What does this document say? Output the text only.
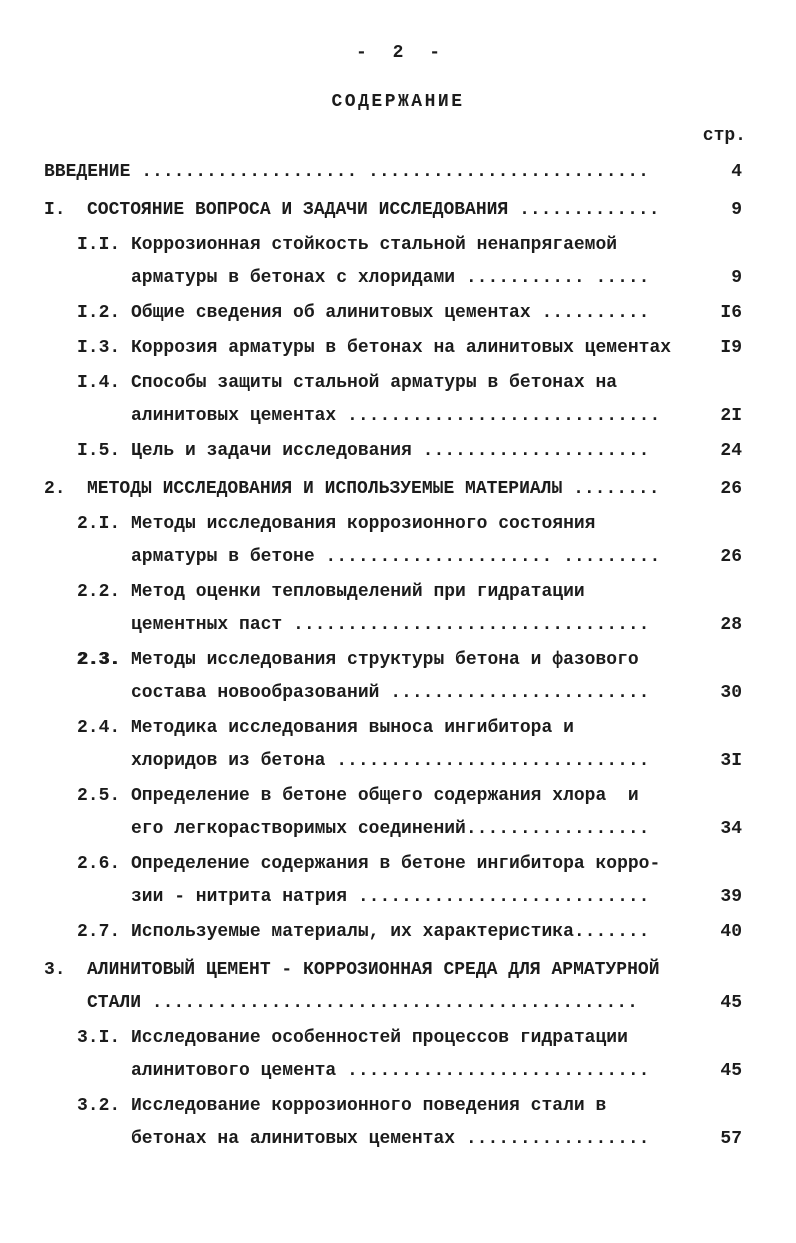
- 2 -
СОДЕРЖАНИЕ
стр.
ВВЕДЕНИЕ .................... ..........................	4
I. СОСТОЯНИЕ ВОПРОСА И ЗАДАЧИ ИССЛЕДОВАНИЯ .............	9
I.I. Коррозионная стойкость стальной ненапрягаемой
арматуры в бетонах с хлоридами ........... .....	9
I.2. Общие сведения об алинитовых цементах ..........	I6
I.3. Коррозия арматуры в бетонах на алинитовых цементах	I9
I.4. Способы защиты стальной арматуры в бетонах на
алинитовых цементах .............................	2I
I.5. Цель и задачи исследования .....................	24
2. МЕТОДЫ ИССЛЕДОВАНИЯ И ИСПОЛЬЗУЕМЫЕ МАТЕРИАЛЫ ........	26
2.I. Методы исследования коррозионного состояния
арматуры в бетоне ..................... .........	26
2.2. Метод оценки тепловыделений при гидратации
цементных паст .................................	28
2.3. Методы исследования структуры бетона и фазового
состава новообразований ........................	30
2.4. Методика исследования выноса ингибитора и
хлоридов из бетона .............................	3I
2.5. Определение в бетоне общего содержания хлора  и
его легкорастворимых соединений.................	34
2.6. Определение содержания в бетоне ингибитора корро-
зии - нитрита натрия ...........................	39
2.7. Используемые материалы, их характеристика.......	40
3. АЛИНИТОВЫЙ ЦЕМЕНТ - КОРРОЗИОННАЯ СРЕДА ДЛЯ АРМАТУРНОЙ
СТАЛИ .............................................	45
3.I. Исследование особенностей процессов гидратации
алинитового цемента ............................	45
3.2. Исследование коррозионного поведения стали в
бетонах на алинитовых цементах .................	57
